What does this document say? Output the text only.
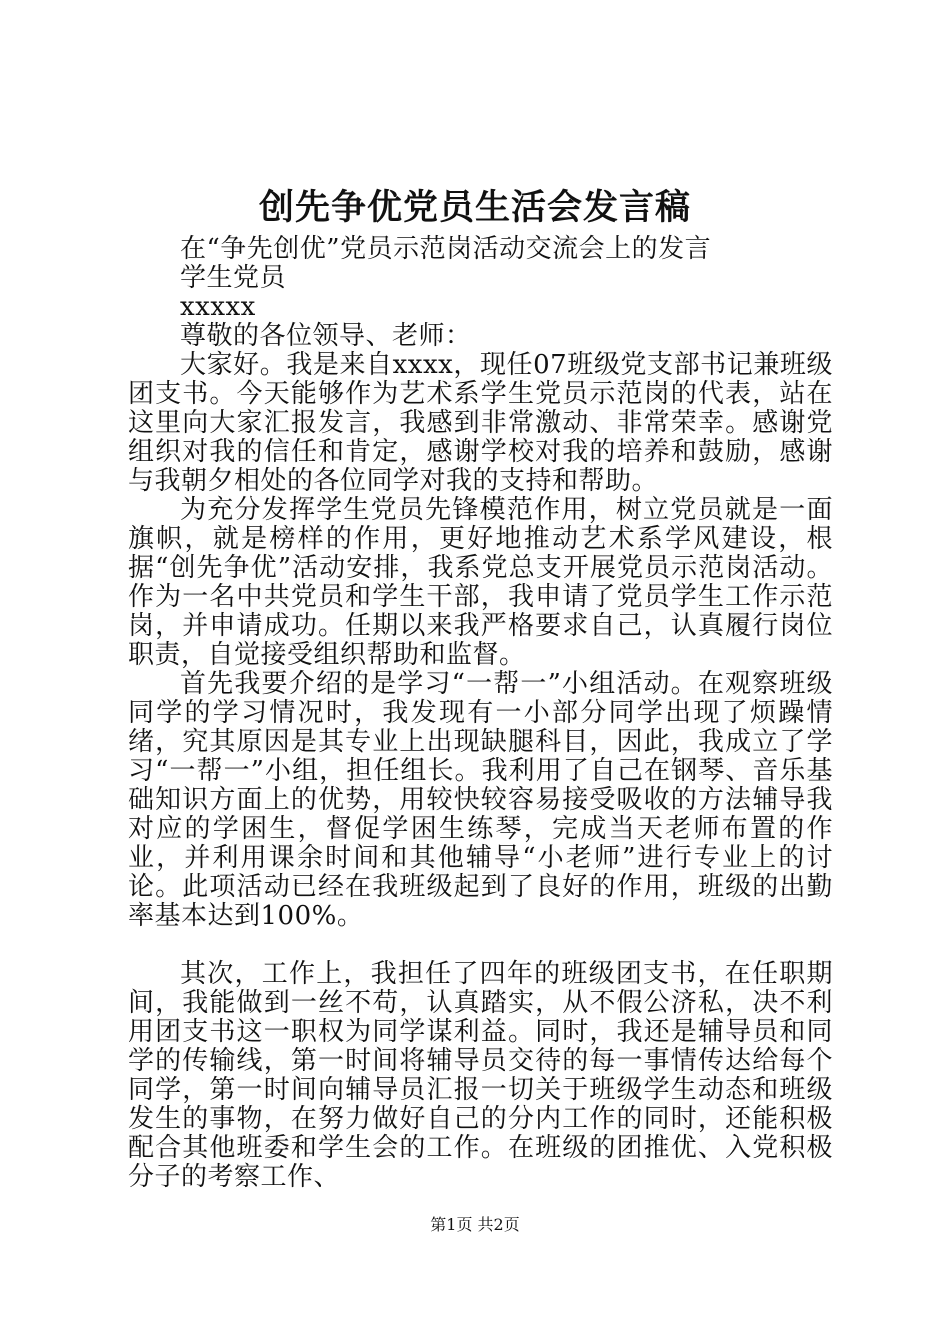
创先争优党员生活会发言稿

在“争先创优”党员示范岗活动交流会上的发言

学生党员

xxxxx

尊敬的各位领导、老师：

大家好。我是来自xxxx，现任07班级党支部书记兼班级团支书。今天能够作为艺术系学生党员示范岗的代表，站在这里向大家汇报发言，我感到非常激动、非常荣幸。感谢党组织对我的信任和肯定，感谢学校对我的培养和鼓励，感谢与我朝夕相处的各位同学对我的支持和帮助。

为充分发挥学生党员先锋模范作用，树立党员就是一面旗帜，就是榜样的作用，更好地推动艺术系学风建设，根据“创先争优”活动安排，我系党总支开展党员示范岗活动。作为一名中共党员和学生干部，我申请了党员学生工作示范岗，并申请成功。任期以来我严格要求自己，认真履行岗位职责，自觉接受组织帮助和监督。

首先我要介绍的是学习“一帮一”小组活动。在观察班级同学的学习情况时，我发现有一小部分同学出现了烦躁情绪，究其原因是其专业上出现缺腿科目，因此，我成立了学习“一帮一”小组，担任组长。我利用了自己在钢琴、音乐基础知识方面上的优势，用较快较容易接受吸收的方法辅导我对应的学困生，督促学困生练琴，完成当天老师布置的作业，并利用课余时间和其他辅导“小老师”进行专业上的讨论。此项活动已经在我班级起到了良好的作用，班级的出勤率基本达到100%。

其次，工作上，我担任了四年的班级团支书，在任职期间，我能做到一丝不苟，认真踏实，从不假公济私，决不利用团支书这一职权为同学谋利益。同时，我还是辅导员和同学的传输线，第一时间将辅导员交待的每一事情传达给每个同学，第一时间向辅导员汇报一切关于班级学生动态和班级发生的事物，在努力做好自己的分内工作的同时，还能积极配合其他班委和学生会的工作。在班级的团推优、入党积极分子的考察工作、

第1页 共2页
